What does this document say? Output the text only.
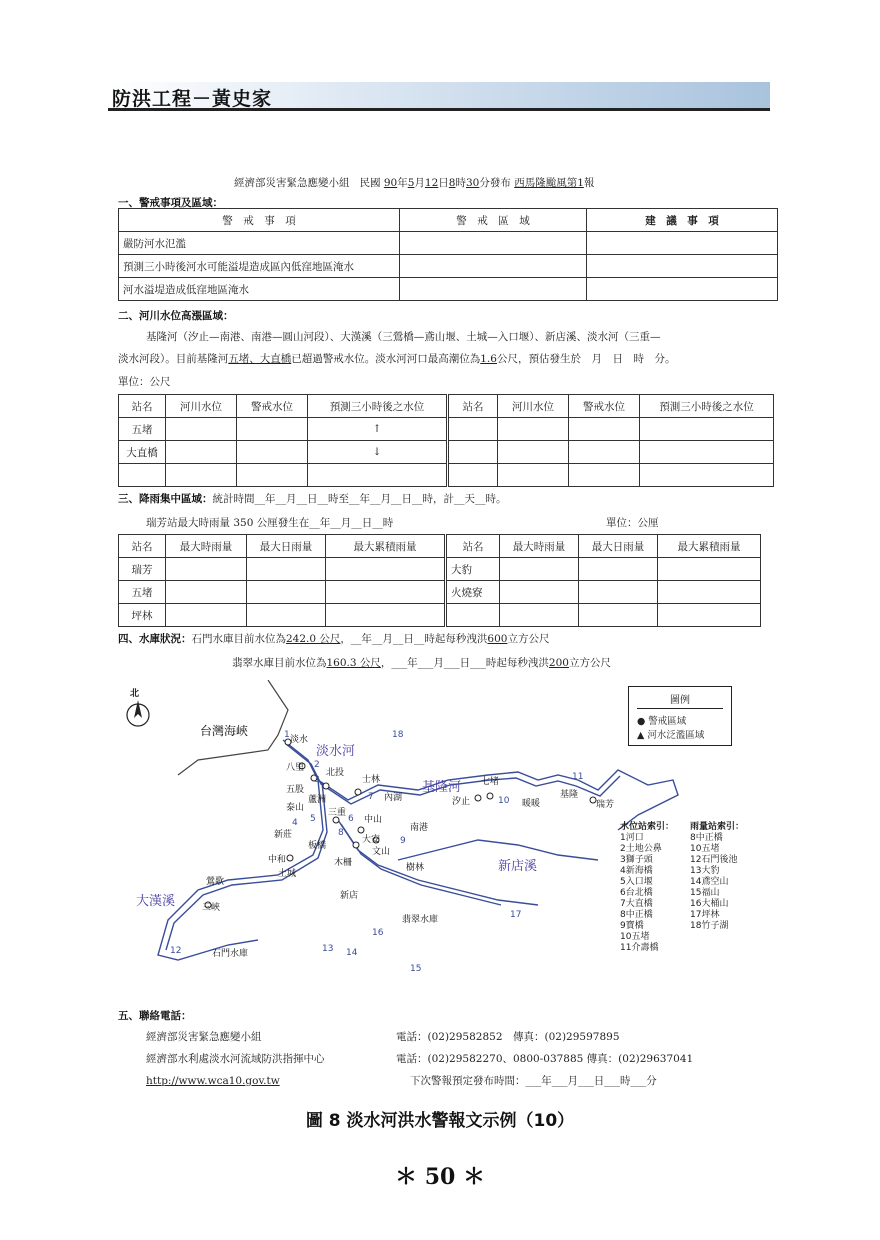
防洪工程－黃史家
經濟部災害緊急應變小組 民國 90年5月12日8時30分發布 西馬隆颱風第1報
一、警戒事項及區域：
警　戒　事　項	警　戒　區　域	建　議　事　項
嚴防河水氾濫		
預測三小時後河水可能溢堤造成區內低窪地區淹水		
河水溢堤造成低窪地區淹水		
二、河川水位高漲區域：
基隆河（汐止—南港、南港—圓山河段）、大漢溪（三鶯橋—鳶山堰、土城—入口堰）、新店溪、淡水河（三重—
淡水河段）。目前基隆河五堵、大直橋已超過警戒水位。淡水河河口最高潮位為1.6公尺，預估發生於　月　日　時　分。
單位：公尺
站名	河川水位	警戒水位	預測三小時後之水位	站名	河川水位	警戒水位	預測三小時後之水位
五堵			↑				
大直橋			↓				

三、降雨集中區域：統計時間__年__月__日__時至__年__月__日__時，計__天__時。
瑞芳站最大時雨量 350 公厘發生在__年__月__日__時	單位：公厘
站名	最大時雨量	最大日雨量	最大累積雨量	站名	最大時雨量	最大日雨量	最大累積雨量
瑞芳				大豹			
五堵				火燒寮			
坪林							
四、水庫狀況：石門水庫目前水位為242.0 公尺，__年__月__日__時起每秒洩洪600立方公尺
翡翠水庫目前水位為160.3 公尺，___年___月___日___時起每秒洩洪200立方公尺
北
台灣海峽
淡水河
基隆河
新店溪
大漢溪
石門水庫
翡翠水庫
淡水
八里 北投
士林
五股
蘆洲
泰山	三重
內湖
中山
汐止
七堵
暖暖	瑞芳
基隆
新莊
板橋
大安
南港
文山
樹林
中和	木柵
土城
新店
鶯歌
三峽
1
2
3
4 5	6
7
8
9
10
11
12	13 14
15
16
17
18
圖例
● 警戒區域
▲ 河水泛濫區域
水位站索引：
1河口
2土地公鼻
3獅子頭
4新海橋
5入口堰
6台北橋
7大直橋
8中正橋
9寶橋
10五堵
11介壽橋
雨量站索引：
8中正橋
10五堵
12石門後池
13大豹
14鳶空山
15福山
16大桶山
17坪林
18竹子湖
五、聯絡電話：
經濟部災害緊急應變小組	電話：(02)29582852　傳真：(02)29597895
經濟部水利處淡水河流域防洪指揮中心	電話：(02)29582270、0800-037885 傳真：(02)29637041
http://www.wca10.gov.tw	下次警報預定發布時間：___年___月___日___時___分
圖 8 淡水河洪水警報文示例（10）
＊ 50 ＊
